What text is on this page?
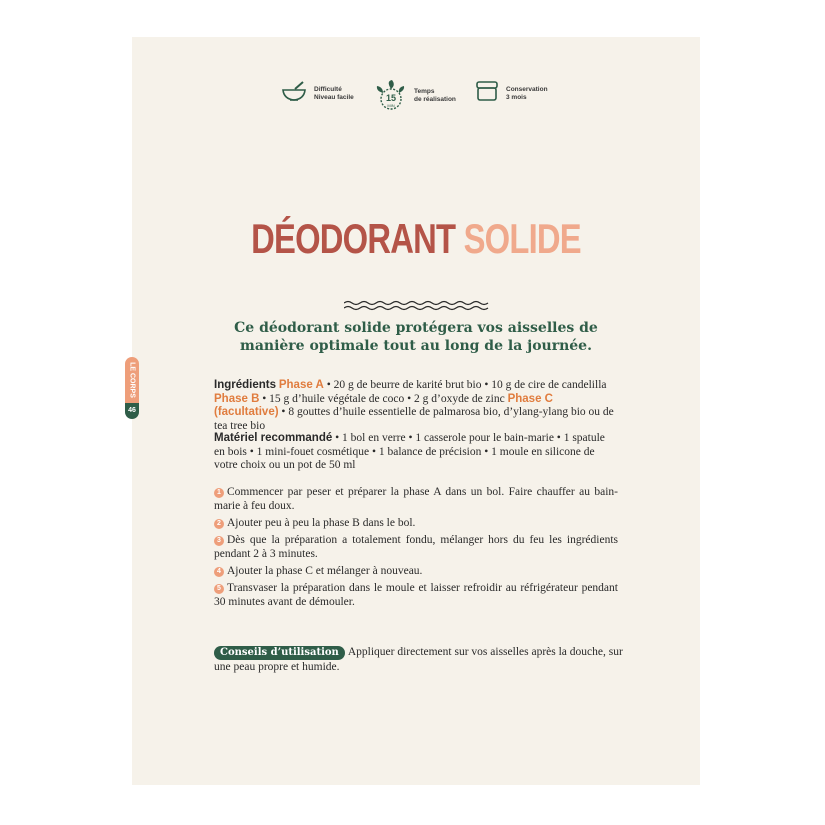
Difficulté
Niveau facile	15
MIN
Temps
de réalisation
Conservation
3 mois
DÉODORANT SOLIDE
Ce déodorant solide protégera vos aisselles de manière optimale tout au long de la journée.
Ingrédients Phase A • 20 g de beurre de karité brut bio • 10 g de cire de candelilla Phase B • 15 g d’huile végétale de coco • 2 g d’oxyde de zinc Phase C (facultative) • 8 gouttes d’huile essentielle de palmarosa bio, d’ylang-ylang bio ou de tea tree bio
Matériel recommandé • 1 bol en verre • 1 casserole pour le bain-marie • 1 spatule en bois • 1 mini-fouet cosmétique • 1 balance de précision • 1 moule en silicone de votre choix ou un pot de 50 ml
1 Commencer par peser et préparer la phase A dans un bol. Faire chauffer au bain-marie à feu doux.
2 Ajouter peu à peu la phase B dans le bol.
3 Dès que la préparation a totalement fondu, mélanger hors du feu les ingrédients pendant 2 à 3 minutes.
4 Ajouter la phase C et mélanger à nouveau.
5 Transvaser la préparation dans le moule et laisser refroidir au réfrigérateur pendant 30 minutes avant de démouler.
Conseils d’utilisation Appliquer directement sur vos aisselles après la douche, sur une peau propre et humide.
LE CORPS
46
